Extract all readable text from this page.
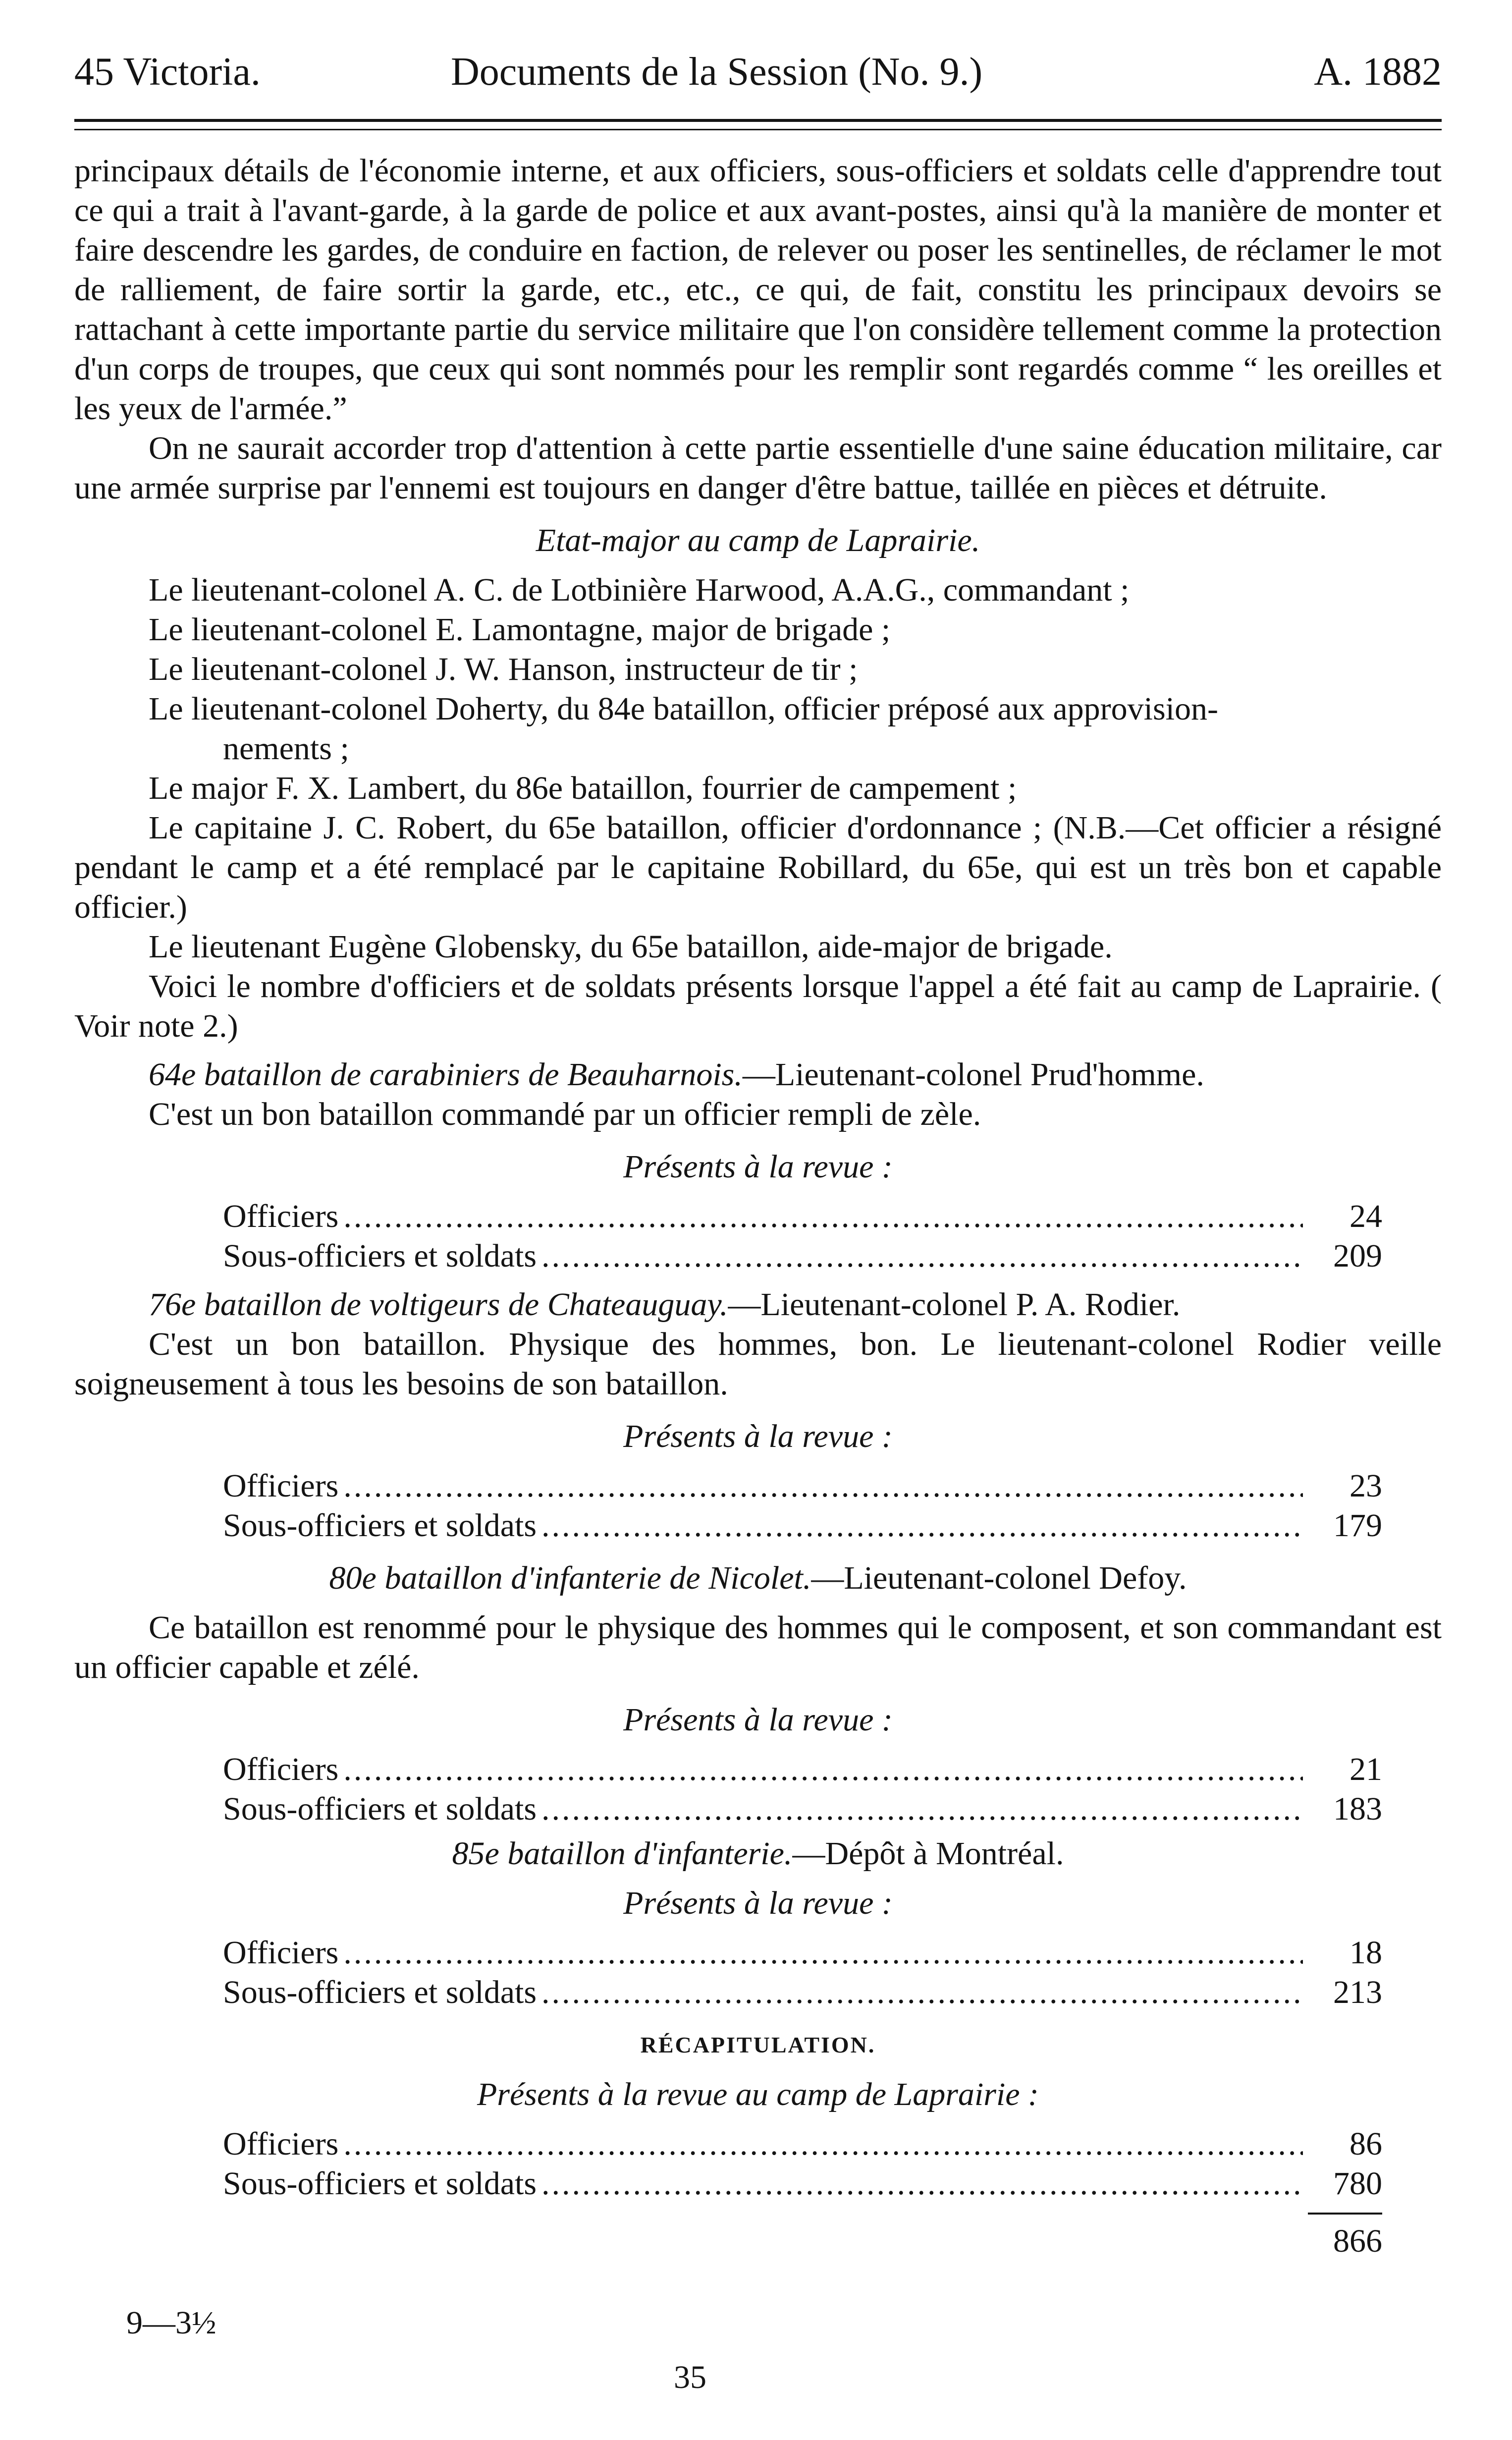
45 Victoria.	Documents de la Session (No. 9.)	A. 1882

principaux détails de l'économie interne, et aux officiers, sous-officiers et soldats celle d'apprendre tout ce qui a trait à l'avant-garde, à la garde de police et aux avant-postes, ainsi qu'à la manière de monter et faire descendre les gardes, de conduire en faction, de relever ou poser les sentinelles, de réclamer le mot de ralliement, de faire sortir la garde, etc., etc., ce qui, de fait, constitu les principaux devoirs se rattachant à cette importante partie du service militaire que l'on considère tellement comme la protection d'un corps de troupes, que ceux qui sont nommés pour les remplir sont regardés comme “ les oreilles et les yeux de l'armée.”

On ne saurait accorder trop d'attention à cette partie essentielle d'une saine éducation militaire, car une armée surprise par l'ennemi est toujours en danger d'être battue, taillée en pièces et détruite.

Etat-major au camp de Laprairie.

Le lieutenant-colonel A. C. de Lotbinière Harwood, A.A.G., commandant ;

Le lieutenant-colonel E. Lamontagne, major de brigade ;

Le lieutenant-colonel J. W. Hanson, instructeur de tir ;

Le lieutenant-colonel Doherty, du 84e bataillon, officier préposé aux approvision-

nements ;

Le major F. X. Lambert, du 86e bataillon, fourrier de campement ;

Le capitaine J. C. Robert, du 65e bataillon, officier d'ordonnance ; (N.B.—Cet officier a résigné pendant le camp et a été remplacé par le capitaine Robillard, du 65e, qui est un très bon et capable officier.)

Le lieutenant Eugène Globensky, du 65e bataillon, aide-major de brigade.

Voici le nombre d'officiers et de soldats présents lorsque l'appel a été fait au camp de Laprairie. ( Voir note 2.)

64e bataillon de carabiniers de Beauharnois.—Lieutenant-colonel Prud'homme.

C'est un bon bataillon commandé par un officier rempli de zèle.

Présents à la revue :

Officiers .....	24
Sous-officiers et soldats .....	209

76e bataillon de voltigeurs de Chateauguay.—Lieutenant-colonel P. A. Rodier.

C'est un bon bataillon. Physique des hommes, bon. Le lieutenant-colonel Rodier veille soigneusement à tous les besoins de son bataillon.

Présents à la revue :

Officiers .....	23
Sous-officiers et soldats .....	179

80e bataillon d'infanterie de Nicolet.—Lieutenant-colonel Defoy.

Ce bataillon est renommé pour le physique des hommes qui le composent, et son commandant est un officier capable et zélé.

Présents à la revue :

Officiers .....	21
Sous-officiers et soldats .....	183

85e bataillon d'infanterie.—Dépôt à Montréal.

Présents à la revue :

Officiers .....	18
Sous-officiers et soldats .....	213

RÉCAPITULATION.

Présents à la revue au camp de Laprairie :

Officiers .....	86
Sous-officiers et soldats .....	780
866
9—3½
35
